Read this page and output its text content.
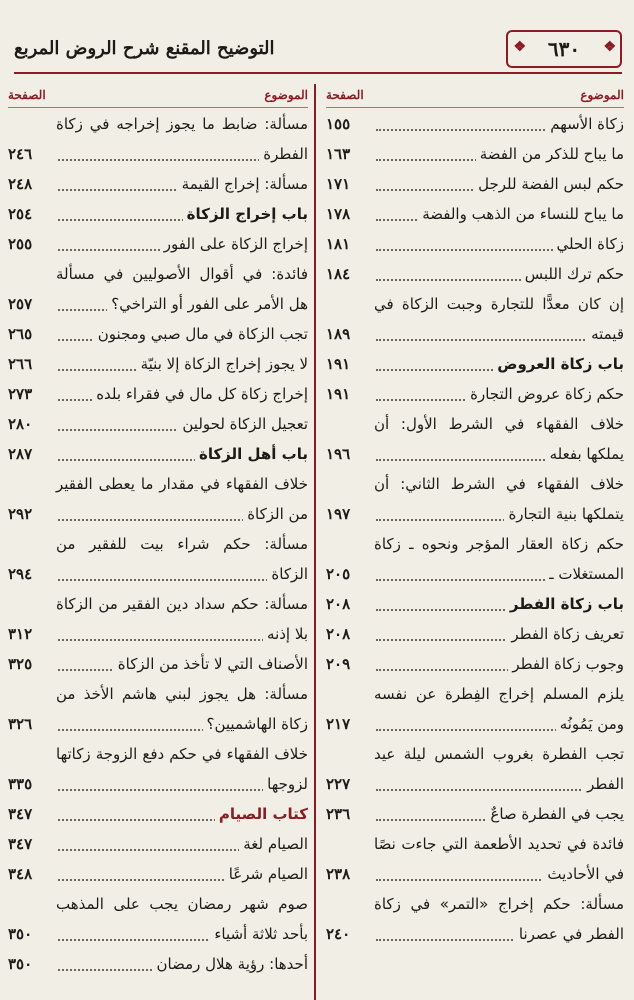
❖
٦٣٠
❖
التوضيح المقنع شرح الروض المربع
الموضوع
الصفحة
زكاة الأسهم
١٥٥
ما يباح للذكر من الفضة
١٦٣
حكم لبس الفضة للرجل
١٧١
ما يباح للنساء من الذهب والفضة
١٧٨
زكاة الحلي
١٨١
حكم ترك اللبس
١٨٤
إن كان معدًّا للتجارة وجبت الزكاة في قيمته
١٨٩
باب زكاة العروض
١٩١
حكم زكاة عروض التجارة
١٩١
خلاف الفقهاء في الشرط الأول: أن يملكها بفعله
١٩٦
خلاف الفقهاء في الشرط الثاني: أن يتملكها بنية التجارة
١٩٧
حكم زكاة العقار المؤجر ونحوه ـ زكاة المستغلات ـ
٢٠٥
باب زكاة الفطر
٢٠٨
تعريف زكاة الفطر
٢٠٨
وجوب زكاة الفطر
٢٠٩
يلزم المسلم إخراج الفِطرة عن نفسه ومن يَمُونُه
٢١٧
تجب الفطرة بغروب الشمس ليلة عيد الفطر
٢٢٧
يجب في الفطرة صاعٌ
٢٣٦
فائدة في تحديد الأطعمة التي جاءت نصًا في الأحاديث
٢٣٨
مسألة: حكم إخراج «التمر» في زكاة الفطر في عصرنا
٢٤٠
الموضوع
الصفحة
مسألة: ضابط ما يجوز إخراجه في زكاة الفطرة
٢٤٦
مسألة: إخراج القيمة
٢٤٨
باب إخراج الزكاة
٢٥٤
إخراج الزكاة على الفور
٢٥٥
فائدة: في أقوال الأصوليين في مسألة هل الأمر على الفور أو التراخي؟
٢٥٧
تجب الزكاة في مال صبي ومجنون
٢٦٥
لا يجوز إخراج الزكاة إلا بنيّة
٢٦٦
إخراج زكاة كل مال في فقراء بلده
٢٧٣
تعجيل الزكاة لحولين
٢٨٠
باب أهل الزكاة
٢٨٧
خلاف الفقهاء في مقدار ما يعطى الفقير من الزكاة
٢٩٢
مسألة: حكم شراء بيت للفقير من الزكاة
٢٩٤
مسألة: حكم سداد دين الفقير من الزكاة بلا إذنه
٣١٢
الأصناف التي لا تأخذ من الزكاة
٣٢٥
مسألة: هل يجوز لبني هاشم الأخذ من زكاة الهاشميين؟
٣٢٦
خلاف الفقهاء في حكم دفع الزوجة زكاتها لزوجها
٣٣٥
كتاب الصيام
٣٤٧
الصيام لغة
٣٤٧
الصيام شرعًا
٣٤٨
صوم شهر رمضان يجب على المذهب بأحد ثلاثة أشياء
٣٥٠
أحدها: رؤية هلال رمضان
٣٥٠
